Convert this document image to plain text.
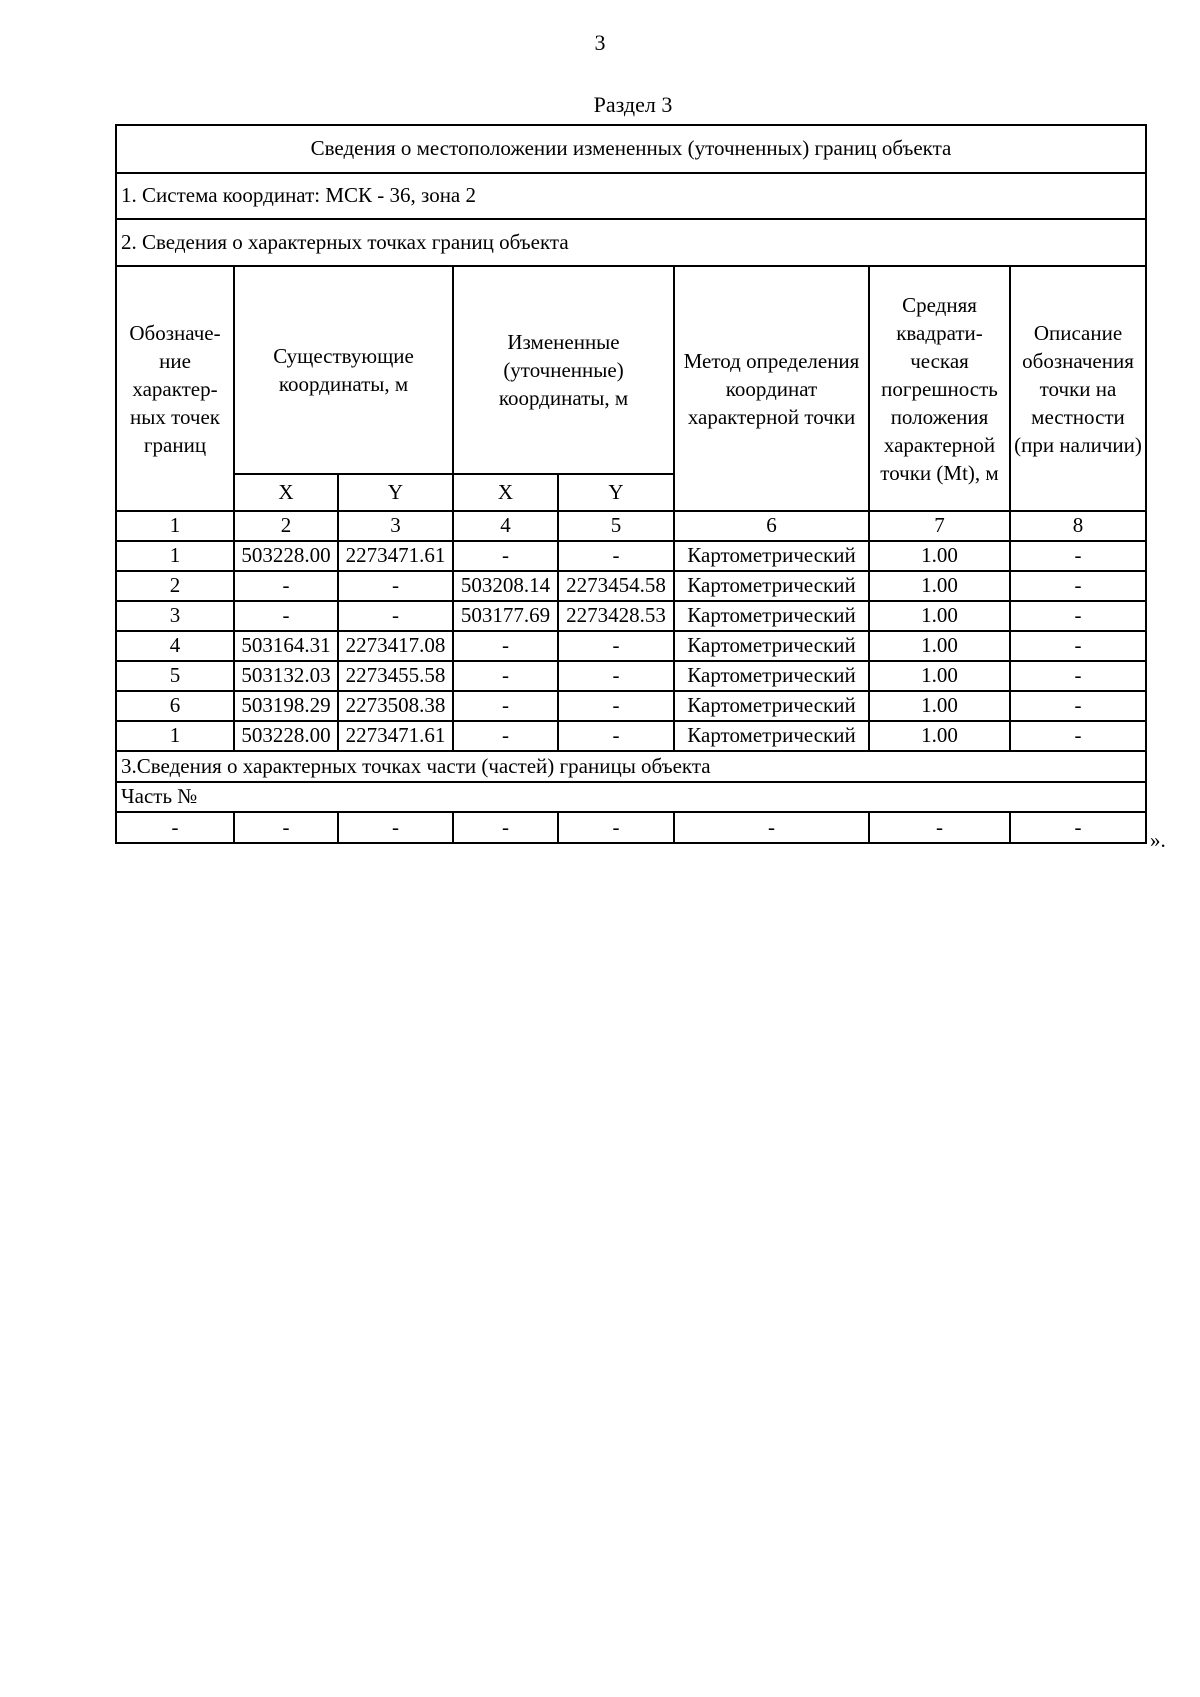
3
Раздел 3
Сведения о местоположении измененных (уточненных) границ объекта							
1. Система координат: МСК - 36, зона 2							
2. Сведения о характерных точках границ объекта							
Обозначе-ние характер-ных точек границ	Существующие координаты, м		Измененные (уточненные) координаты, м		Метод определения координат характерной точки	Средняя квадрати-ческая погрешность положения характерной точки (Mt), м	Описание обозначения точки на местности (при наличии)
	X	Y	X	Y			
1	2	3	4	5	6	7	8
1	503228.00	2273471.61	-	-	Картометрический	1.00	-
2	-	-	503208.14	2273454.58	Картометрический	1.00	-
3	-	-	503177.69	2273428.53	Картометрический	1.00	-
4	503164.31	2273417.08	-	-	Картометрический	1.00	-
5	503132.03	2273455.58	-	-	Картометрический	1.00	-
6	503198.29	2273508.38	-	-	Картометрический	1.00	-
1	503228.00	2273471.61	-	-	Картометрический	1.00	-
3.Сведения о характерных точках части (частей) границы объекта							
Часть №							
-	-	-	-	-	-	-	-
».
